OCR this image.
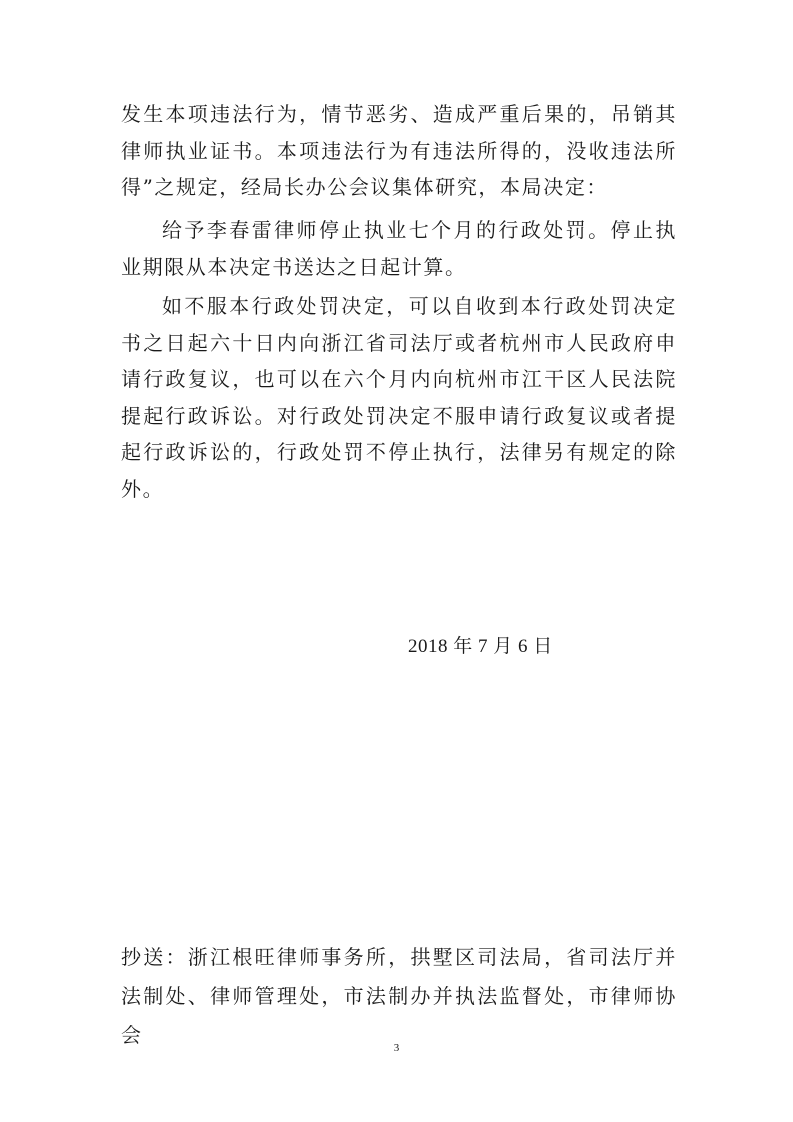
发生本项违法行为，情节恶劣、造成严重后果的，吊销其律师执业证书。本项违法行为有违法所得的，没收违法所得”之规定，经局长办公会议集体研究，本局决定：

给予李春雷律师停止执业七个月的行政处罚。停止执业期限从本决定书送达之日起计算。

如不服本行政处罚决定，可以自收到本行政处罚决定书之日起六十日内向浙江省司法厅或者杭州市人民政府申请行政复议，也可以在六个月内向杭州市江干区人民法院提起行政诉讼。对行政处罚决定不服申请行政复议或者提起行政诉讼的，行政处罚不停止执行，法律另有规定的除外。

2018 年 7 月 6 日

抄送：浙江根旺律师事务所，拱墅区司法局，省司法厅并法制处、律师管理处，市法制办并执法监督处，市律师协会

3
